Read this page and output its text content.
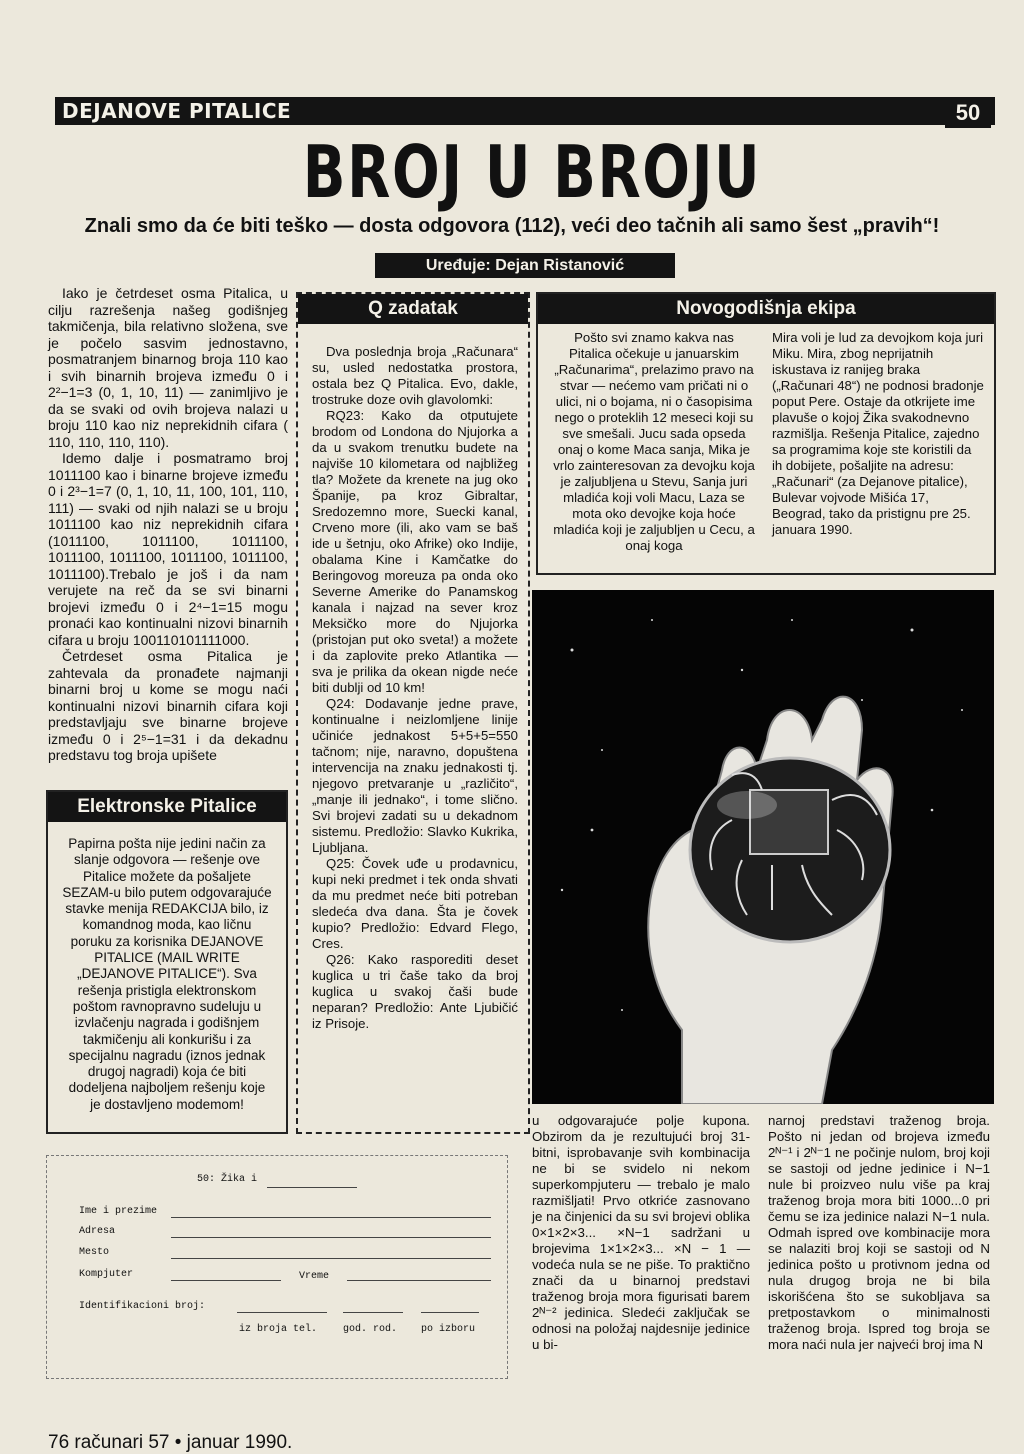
DEJANOVE PITALICE	50
BROJ U BROJU
Znali smo da će biti teško — dosta odgovora (112), veći deo tačnih ali samo šest „pravih“!
Uređuje: Dejan Ristanović

Iako je četrdeset osma Pitalica, u cilju razrešenja našeg godišnjeg takmičenja, bila relativno složena, sve je počelo sasvim jednostavno, posmatranjem binarnog broja 110 kao i svih binarnih brojeva između 0 i 2²−1=3 (0, 1, 10, 11) — zanimljivo je da se svaki od ovih brojeva nalazi u broju 110 kao niz neprekidnih cifara ( 110, 110, 110, 110).

Idemo dalje i posmatramo broj 1011100 kao i binarne brojeve između 0 i 2³−1=7 (0, 1, 10, 11, 100, 101, 110, 111) — svaki od njih nalazi se u broju 1011100 kao niz neprekidnih cifara (1011100, 1011100, 1011100, 1011100, 1011100, 1011100, 1011100, 1011100).Trebalo je još i da nam verujete na reč da se svi binarni brojevi između 0 i 2⁴−1=15 mogu pronaći kao kontinualni nizovi binarnih cifara u broju 100110101111000.

Četrdeset osma Pitalica je zahtevala da pronađete najmanji binarni broj u kome se mogu naći kontinualni nizovi binarnih cifara koji predstavljaju sve binarne brojeve između 0 i 2⁵−1=31 i da dekadnu predstavu tog broja upišete

Elektronske Pitalice
Papirna pošta nije jedini način za slanje odgovora — rešenje ove Pitalice možete da pošaljete SEZAM-u bilo putem odgovarajuće stavke menija REDAKCIJA bilo, iz komandnog moda, kao ličnu poruku za korisnika DEJANOVE PITALICE (MAIL WRITE „DEJANOVE PITALICE“). Sva rešenja pristigla elektronskom poštom ravnopravno sudeluju u izvlačenju nagrada i godišnjem takmičenju ali konkurišu i za specijalnu nagradu (iznos jednak drugoj nagradi) koja će biti dodeljena najboljem rešenju koje je dostavljeno modemom!
Q zadatak

Dva poslednja broja „Računara“ su, usled nedostatka prostora, ostala bez Q Pitalica. Evo, dakle, trostruke doze ovih glavolomki:

RQ23: Kako da otputujete brodom od Londona do Njujorka a da u svakom trenutku budete na najviše 10 kilometara od najbližeg tla? Možete da krenete na jug oko Španije, pa kroz Gibraltar, Sredozemno more, Suecki kanal, Crveno more (ili, ako vam se baš ide u šetnju, oko Afrike) oko Indije, obalama Kine i Kamčatke do Beringovog moreuza pa onda oko Severne Amerike do Panamskog kanala i najzad na sever kroz Meksičko more do Njujorka (pristojan put oko sveta!) a možete i da zaplovite preko Atlantika — sva je prilika da okean nigde neće biti dublji od 10 km!

Q24: Dodavanje jedne prave, kontinualne i neizlomljene linije učiniće jednakost 5+5+5=550 tačnom; nije, naravno, dopuštena intervencija na znaku jednakosti tj. njegovo pretvaranje u „različito“, „manje ili jednako“, i tome slično. Svi brojevi zadati su u dekadnom sistemu. Predložio: Slavko Kukrika, Ljubljana.

Q25: Čovek uđe u prodavnicu, kupi neki predmet i tek onda shvati da mu predmet neće biti potreban sledeća dva dana. Šta je čovek kupio? Predložio: Edvard Flego, Cres.

Q26: Kako rasporediti deset kuglica u tri čaše tako da broj kuglica u svakoj čaši bude neparan? Predložio: Ante Ljubičić iz Prisoje.

Novogodišnja ekipa
Pošto svi znamo kakva nas Pitalica očekuje u januarskim „Računarima“, prelazimo pravo na stvar — nećemo vam pričati ni o ulici, ni o bojama, ni o časopisima nego o proteklih 12 meseci koji su sve smešali. Jucu sada opseda onaj o kome Maca sanja, Mika je vrlo zainteresovan za devojku koja je zaljubljena u Stevu, Sanja juri mladića koji voli Macu, Laza se mota oko devojke koja hoće mladića koji je zaljubljen u Cecu, a onaj koga
Mira voli je lud za devojkom koja juri Miku. Mira, zbog neprijatnih iskustava iz ranijeg braka („Računari 48“) ne podnosi bradonje poput Pere. Ostaje da otkrijete ime plavuše o kojoj Žika svakodnevno razmišlja. Rešenja Pitalice, zajedno sa programima koje ste koristili da ih dobijete, pošaljite na adresu: „Računari“ (za Dejanove pitalice), Bulevar vojvode Mišića 17, Beograd, tako da pristignu pre 25. januara 1990.
u odgovarajuće polje kupona. Obzirom da je rezultujući broj 31-bitni, isprobavanje svih kombinacija ne bi se svidelo ni nekom superkompjuteru — trebalo je malo razmišljati! Prvo otkriće zasnovano je na činjenici da su svi brojevi oblika 0×1×2×3... ×N−1 sadržani u brojevima 1×1×2×3... ×N − 1 — vodeća nula se ne piše. To praktično znači da u binarnoj predstavi traženog broja mora figurisati barem 2ᴺ⁻² jedinica. Sledeći zaključak se odnosi na položaj najdesnije jedinice u bi-
narnoj predstavi traženog broja. Pošto ni jedan od brojeva između 2ᴺ⁻¹ i 2ᴺ⁻1 ne počinje nulom, broj koji se sastoji od jedne jedinice i N−1 nule bi proizveo nulu više pa kraj traženog broja mora biti 1000...0 pri čemu se iza jedinice nalazi N−1 nula. Odmah ispred ove kombinacije mora se nalaziti broj koji se sastoji od N jedinica pošto u protivnom jedna od nula drugog broja ne bi bila iskorišćena što se sukobljava sa pretpostavkom o minimalnosti traženog broja. Ispred tog broja se mora naći nula jer najveći broj ima N
50: Žika i
Ime i prezime
Adresa
Mesto
Kompjuter	Vreme
Identifikacioni broj:
iz broja tel.	god. rod. po izboru
76 računari 57 • januar 1990.
